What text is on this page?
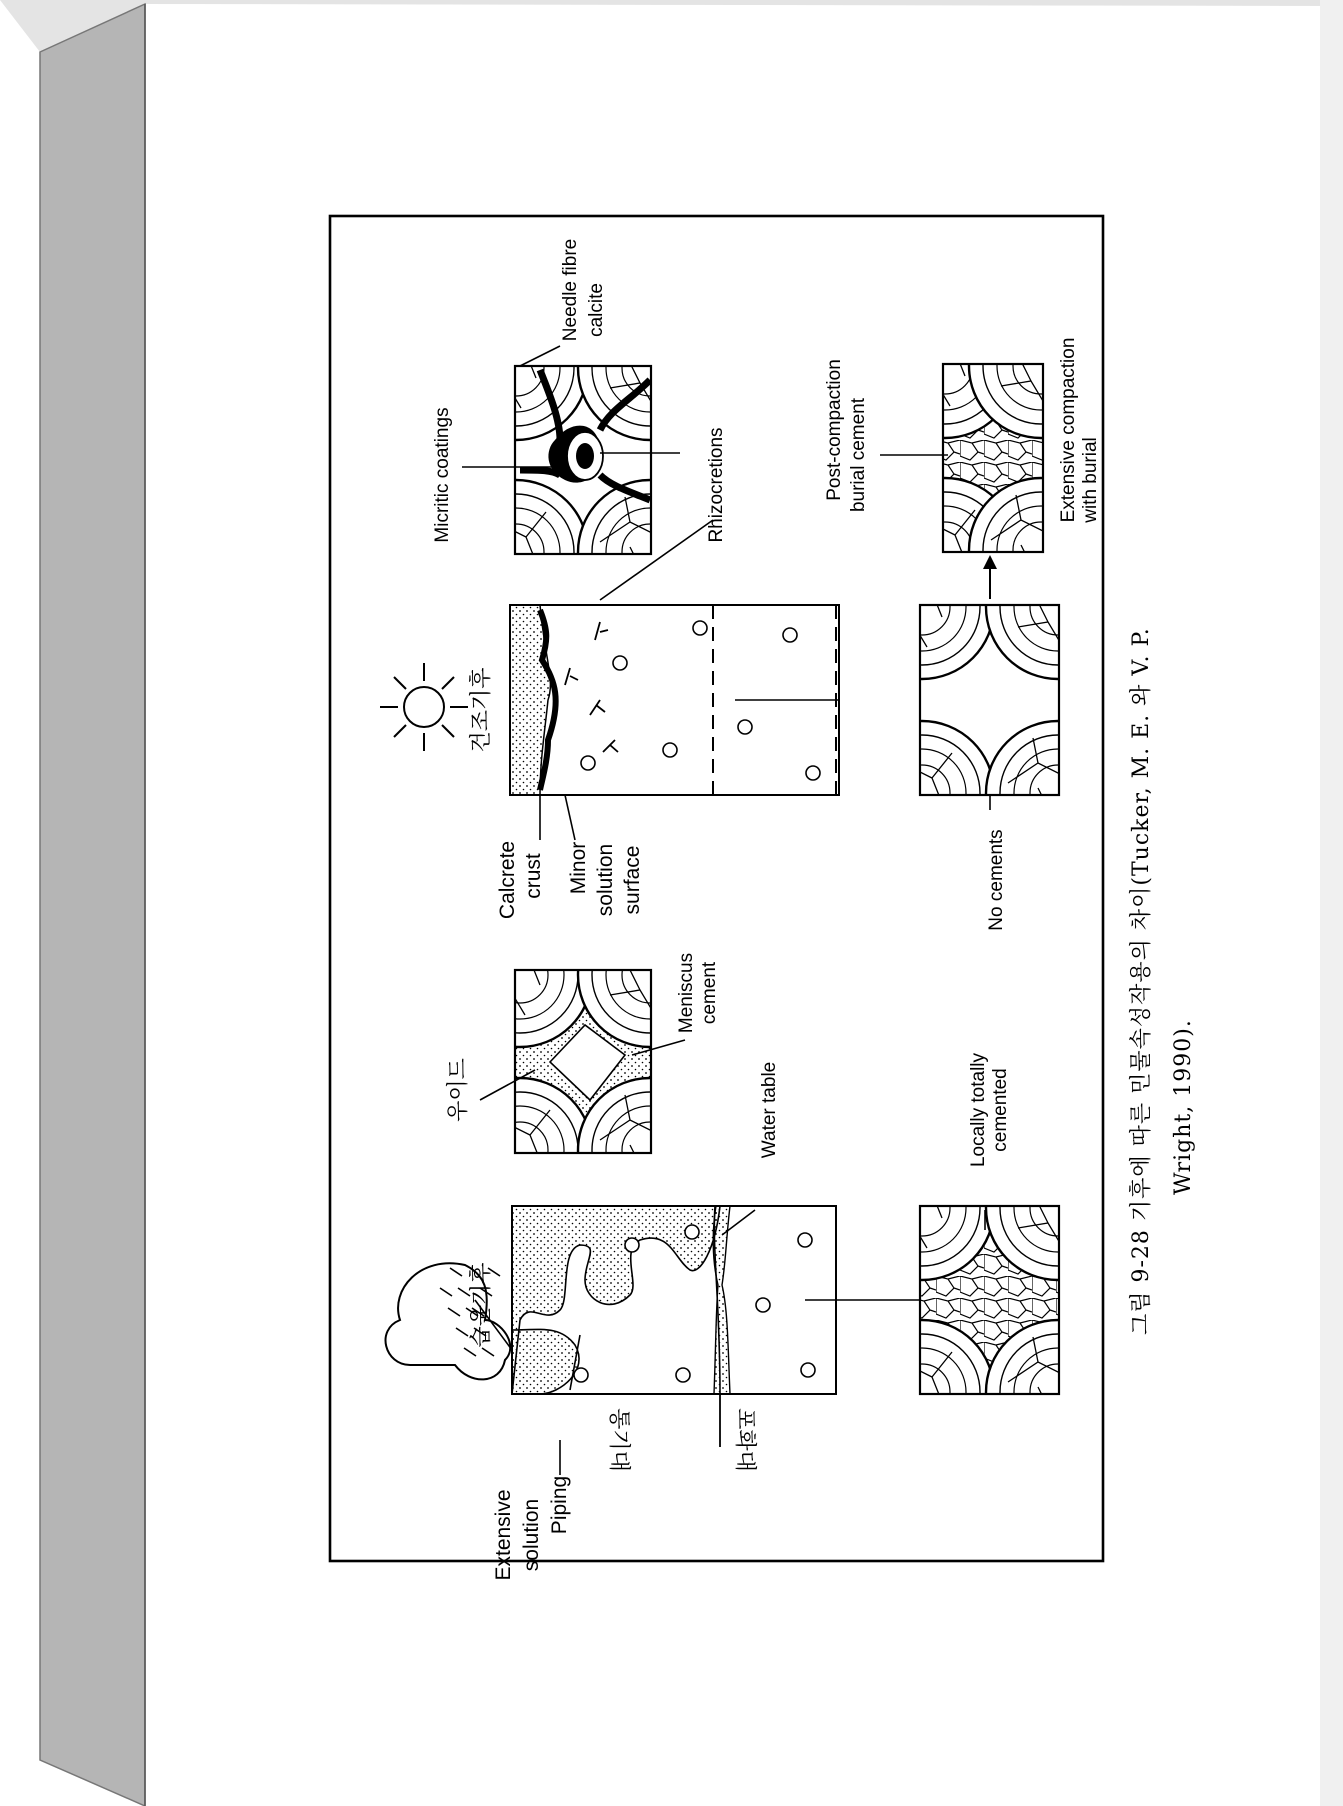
습윤기후
건조기후
우이드
통기대	포화대
Extensive solution Piping
Water table
Meniscus cement
Locally totally cemented
Calcrete crust Minor solution surface
Micritic coatings
Needle fibre calcite
Rhizocretions
No cements
Post-compaction burial cement	Extensive compaction with burial
그림 9-28 기후에 따른 민물속성작용의 차이(Tucker, M. E. 와 V. P. Wright, 1990).
